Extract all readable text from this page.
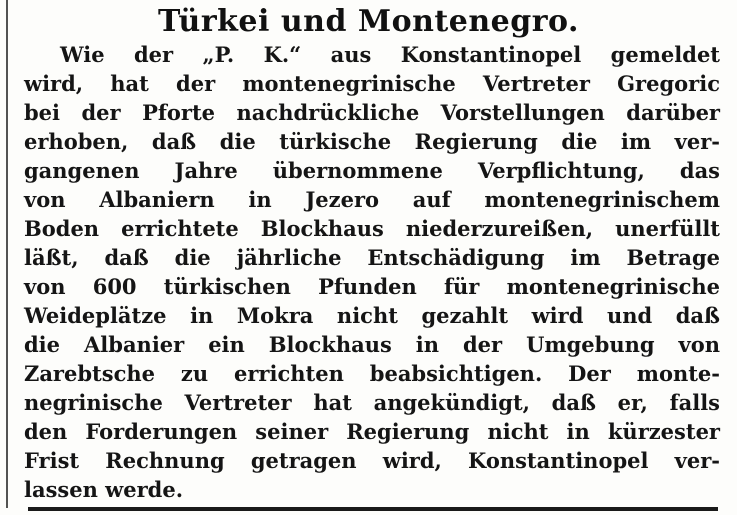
Türkei und Montenegro.
Wie der „P. K.“ aus Konstantinopel gemeldet
wird, hat der montenegrinische Vertreter Gregoric
bei der Pforte nachdrückliche Vorstellungen darüber
erhoben, daß die türkische Regierung die im ver-
gangenen Jahre übernommene Verpflichtung, das
von Albaniern in Jezero auf montenegrinischem
Boden errichtete Blockhaus niederzureißen, unerfüllt
läßt, daß die jährliche Entschädigung im Betrage
von 600 türkischen Pfunden für montenegrinische
Weideplätze in Mokra nicht gezahlt wird und daß
die Albanier ein Blockhaus in der Umgebung von
Zarebtsche zu errichten beabsichtigen. Der monte-
negrinische Vertreter hat angekündigt, daß er, falls
den Forderungen seiner Regierung nicht in kürzester
Frist Rechnung getragen wird, Konstantinopel ver-
lassen werde.
